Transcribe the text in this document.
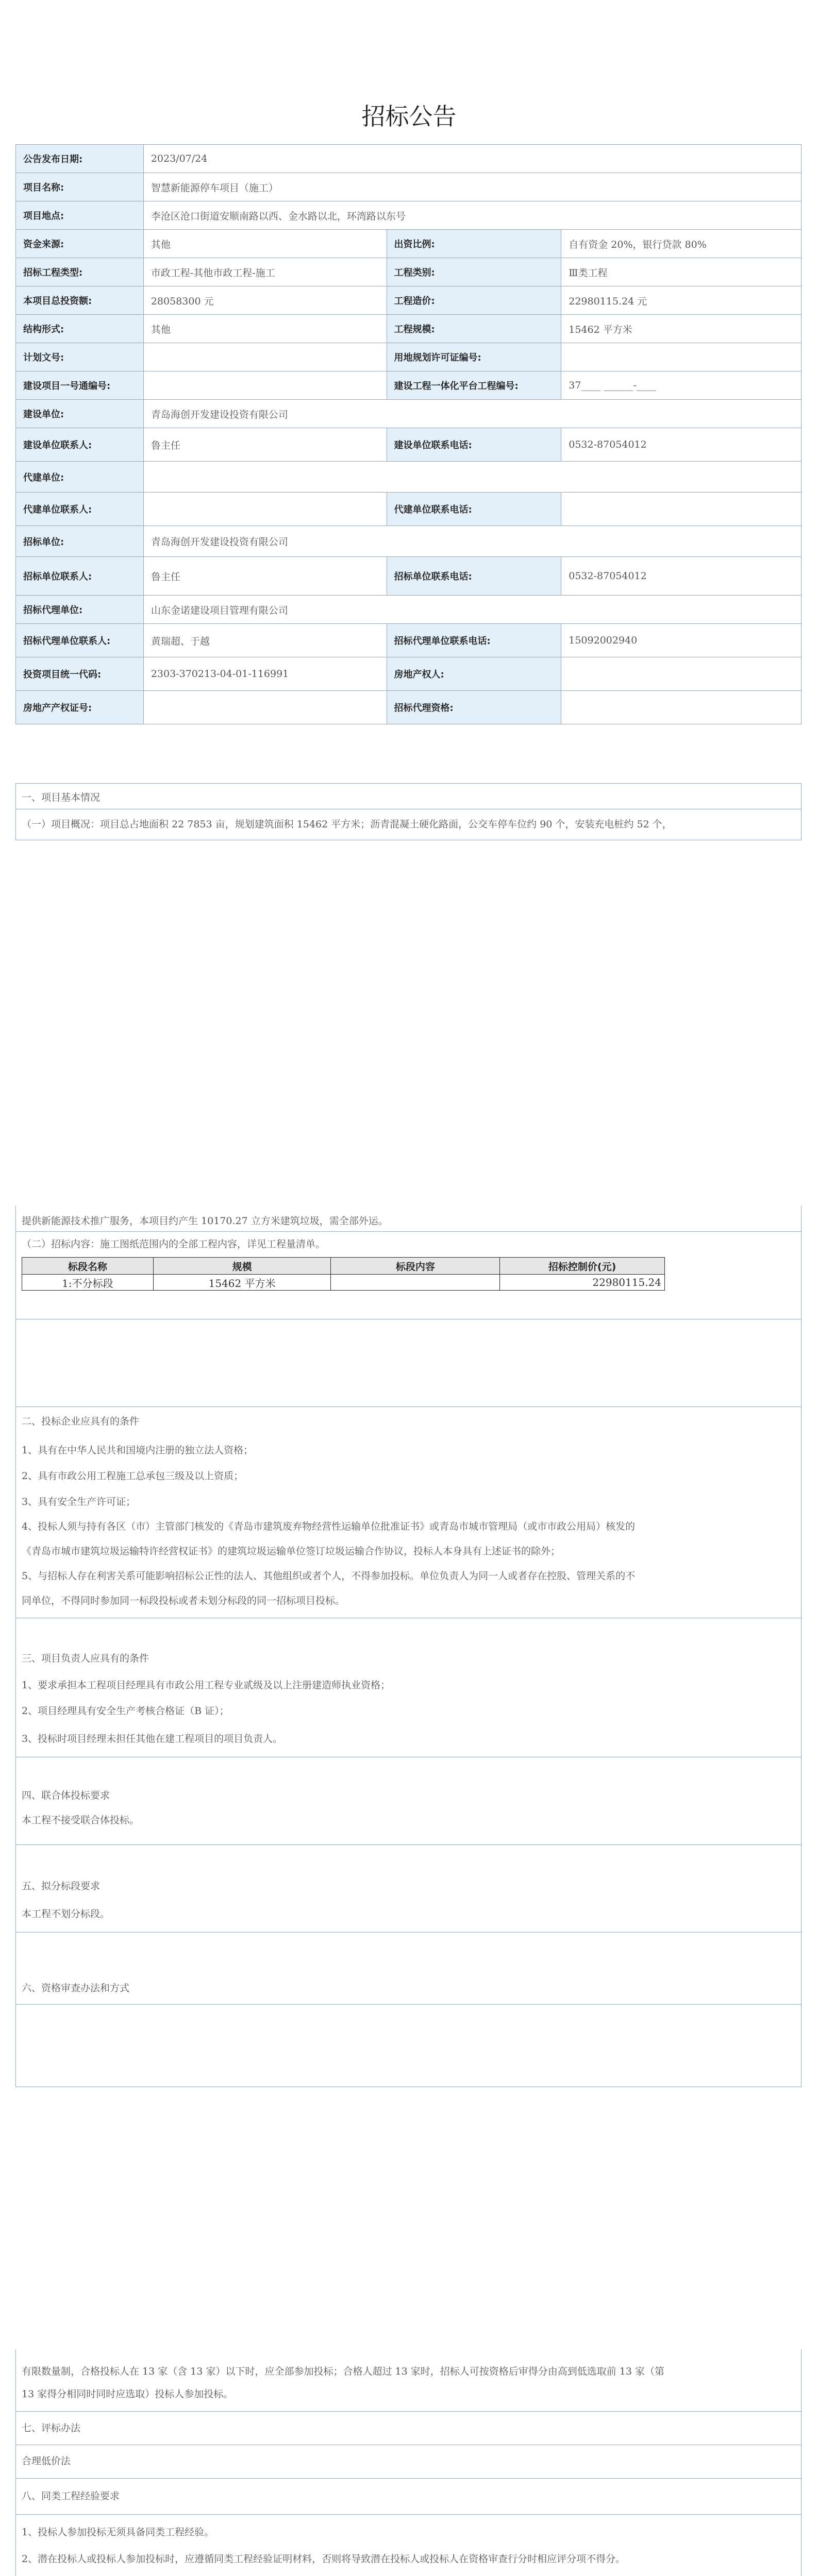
招标公告
公告发布日期:	2023/07/24		
项目名称:	智慧新能源停车项目（施工）		
项目地点:	李沧区沧口街道安顺南路以西、金水路以北，环湾路以东号		
资金来源:	其他	出资比例:	自有资金 20%，银行贷款 80%
招标工程类型:	市政工程-其他市政工程-施工	工程类别:	Ⅲ类工程
本项目总投资额:	28058300 元	工程造价:	22980115.24 元
结构形式:	其他	工程规模:	15462 平方米
计划文号:		用地规划许可证编号:	
建设项目一号通编号:		建设工程一体化平台工程编号:	37____ ______-____
建设单位:	青岛海创开发建设投资有限公司		
建设单位联系人:	鲁主任	建设单位联系电话:	0532-87054012
代建单位:			
代建单位联系人:		代建单位联系电话:	
招标单位:	青岛海创开发建设投资有限公司		
招标单位联系人:	鲁主任	招标单位联系电话:	0532-87054012
招标代理单位:	山东金诺建设项目管理有限公司		
招标代理单位联系人:	黄瑞超、于越	招标代理单位联系电话:	15092002940
投资项目统一代码:	2303-370213-04-01-116991	房地产权人:	
房地产产权证号:		招标代理资格:	
一、项目基本情况
（一）项目概况：项目总占地面积 22 7853 亩，规划建筑面积 15462 平方米；沥青混凝土硬化路面，公交车停车位约 90 个，安装充电桩约 52 个，
提供新能源技术推广服务，本项目约产生 10170.27 立方米建筑垃圾，需全部外运。
（二）招标内容：施工图纸范围内的全部工程内容，详见工程量清单。
标段名称	规模	标段内容	招标控制价(元)
1:不分标段	15462 平方米		22980115.24
二、投标企业应具有的条件
1、具有在中华人民共和国境内注册的独立法人资格；
2、具有市政公用工程施工总承包三级及以上资质；
3、具有安全生产许可证；
4、投标人须与持有各区（市）主管部门核发的《青岛市建筑废弃物经营性运输单位批准证书》或青岛市城市管理局（或市市政公用局）核发的
《青岛市城市建筑垃圾运输特许经营权证书》的建筑垃圾运输单位签订垃圾运输合作协议，投标人本身具有上述证书的除外；
5、与招标人存在利害关系可能影响招标公正性的法人、其他组织或者个人，不得参加投标。单位负责人为同一人或者存在控股、管理关系的不
同单位，不得同时参加同一标段投标或者未划分标段的同一招标项目投标。
三、项目负责人应具有的条件
1、要求承担本工程项目经理具有市政公用工程专业贰级及以上注册建造师执业资格；
2、项目经理具有安全生产考核合格证（B 证）；
3、投标时项目经理未担任其他在建工程项目的项目负责人。
四、联合体投标要求
本工程不接受联合体投标。
五、拟分标段要求
本工程不划分标段。
六、资格审查办法和方式
有限数量制，合格投标人在 13 家（含 13 家）以下时，应全部参加投标；合格人超过 13 家时，招标人可按资格后审得分由高到低选取前 13 家（第
13 家得分相同时同时应选取）投标人参加投标。
七、评标办法
合理低价法
八、同类工程经验要求
1、投标人参加投标无须具备同类工程经验。
2、潜在投标人或投标人参加投标时，应遵循同类工程经验证明材料，否则将导致潜在投标人或投标人在资格审查行分时相应评分项不得分。
